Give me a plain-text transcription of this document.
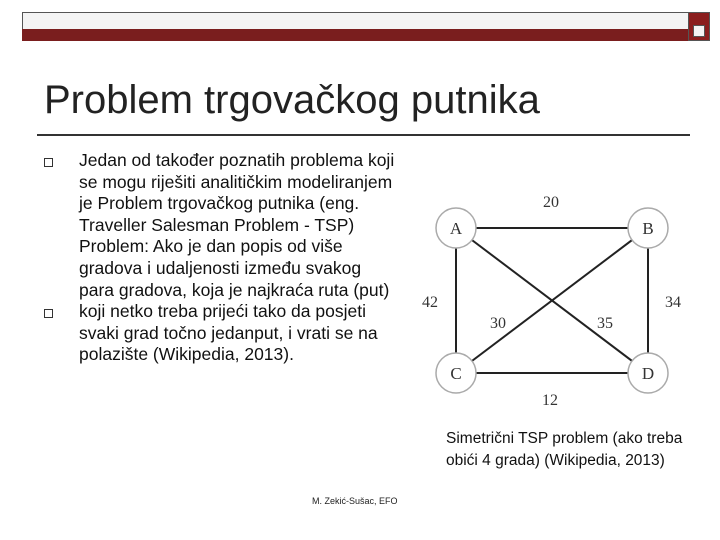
Problem trgovačkog putnika

Jedan od također poznatih problema koji se mogu riješiti analitičkim modeliranjem je Problem trgovačkog putnika (eng. Traveller Salesman Problem - TSP)

Problem: Ako je dan popis od više gradova i udaljenosti između svakog para gradova, koja je najkraća ruta (put) koji netko treba prijeći tako da posjeti svaki grad točno jedanput, i vrati se na polazište (Wikipedia, 2013).

A	B
C	D
20
42	34
12
35
30
Simetrični TSP problem (ako treba obići 4 grada) (Wikipedia, 2013)
M. Zekić-Sušac, EFO
